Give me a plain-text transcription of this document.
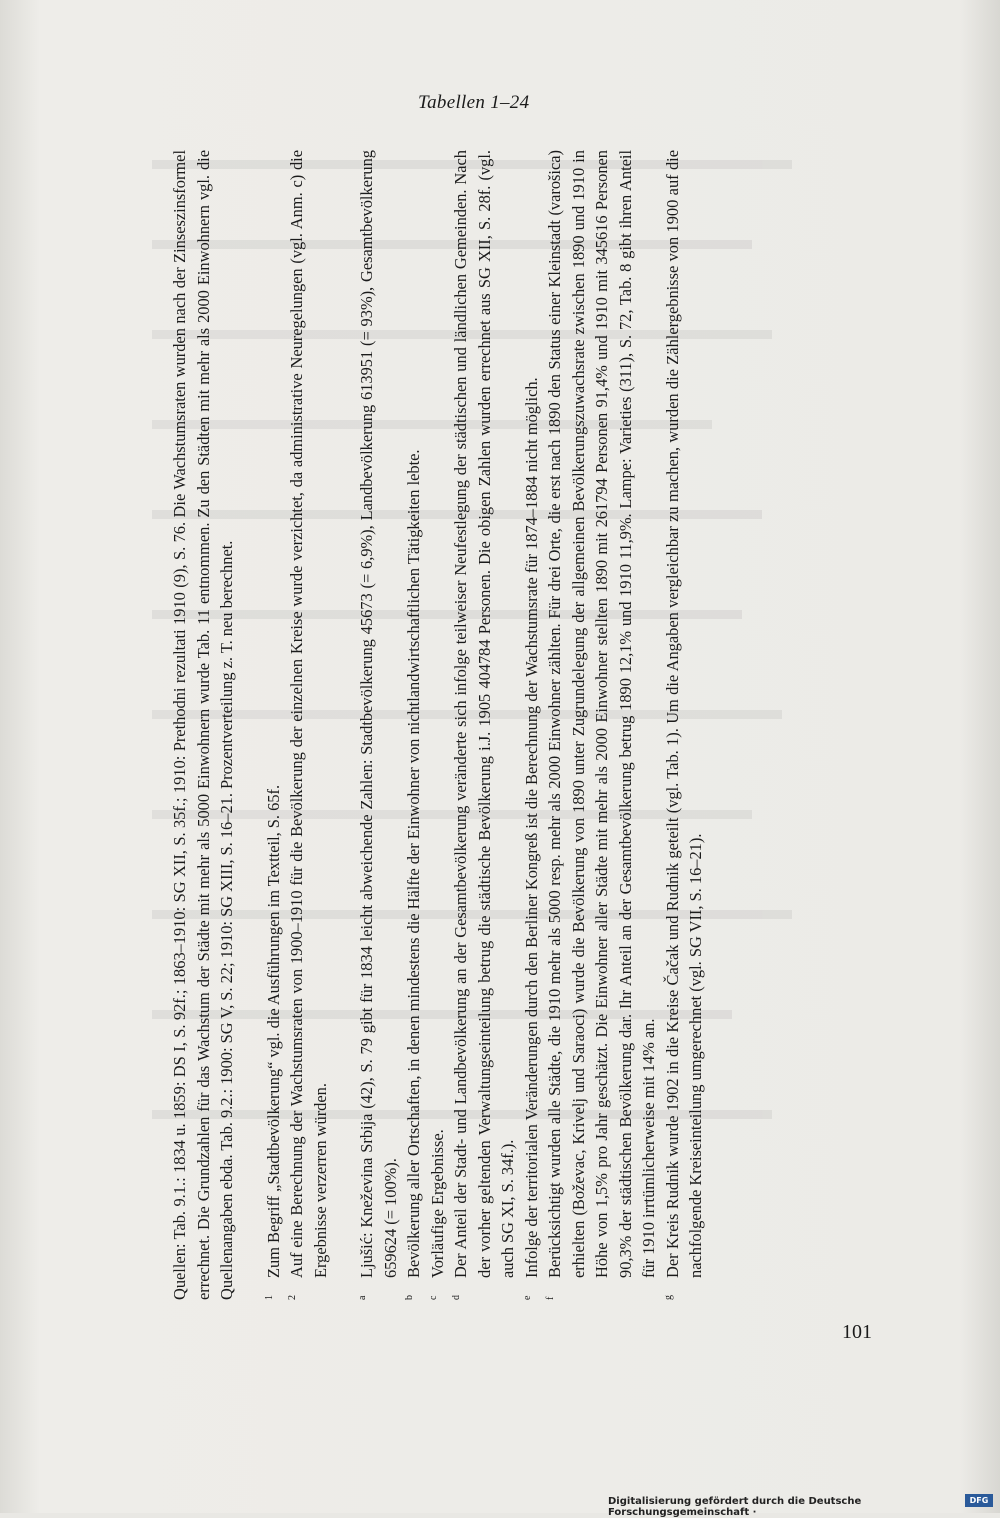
Tabellen 1–24

Quellen: Tab. 9.1.: 1834 u. 1859: DS I, S. 92f.; 1863–1910: SG XII, S. 35f.; 1910: Prethodni rezultati 1910 (9), S. 76. Die Wachstumsraten wurden nach der Zinseszinsformel errechnet. Die Grundzahlen für das Wachstum der Städte mit mehr als 5000 Einwohnern wurde Tab. 11 entnommen. Zu den Städten mit mehr als 2000 Einwohnern vgl. die Quellenangaben ebda. Tab. 9.2.: 1900: SG V, S. 22; 1910: SG XIII, S. 16–21. Prozentverteilung z. T. neu berechnet.	1
Zum Begriff „Stadtbevölkerung“ vgl. die Ausführungen im Textteil, S. 65f.
2
Auf eine Berechnung der Wachstumsraten von 1900–1910 für die Bevölkerung der einzelnen Kreise wurde verzichtet, da administrative Neuregelungen (vgl. Anm. c) die Ergebnisse verzerren würden.
a
Ljušić: Kneževina Srbija (42), S. 79 gibt für 1834 leicht abweichende Zahlen: Stadtbevölkerung 45673 (= 6,9%), Landbevölkerung 613951 (= 93%), Gesamtbevölkerung 659624 (= 100%).
b
Bevölkerung aller Ortschaften, in denen mindestens die Hälfte der Einwohner von nichtlandwirtschaftlichen Tätigkeiten lebte.
c
Vorläufige Ergebnisse.
d
Der Anteil der Stadt- und Landbevölkerung an der Gesamtbevölkerung veränderte sich infolge teilweiser Neufestlegung der städtischen und ländlichen Gemeinden. Nach der vorher geltenden Verwaltungseinteilung betrug die städtische Bevölkerung i.J. 1905 404784 Personen. Die obigen Zahlen wurden errechnet aus SG XII, S. 28f. (vgl. auch SG XI, S. 34f.).
e
Infolge der territorialen Veränderungen durch den Berliner Kongreß ist die Berechnung der Wachstumsrate für 1874–1884 nicht möglich.
f
Berücksichtigt wurden alle Städte, die 1910 mehr als 5000 resp. mehr als 2000 Einwohner zählten. Für drei Orte, die erst nach 1890 den Status einer Kleinstadt (varošica) erhielten (Boževac, Krivelj und Saraoci) wurde die Bevölkerung von 1890 unter Zugrundelegung der allgemeinen Bevölkerungszuwachsrate zwischen 1890 und 1910 in Höhe von 1,5% pro Jahr geschätzt. Die Einwohner aller Städte mit mehr als 2000 Einwohner stellten 1890 mit 261794 Personen 91,4% und 1910 mit 345616 Personen 90,3% der städtischen Bevölkerung dar. Ihr Anteil an der Gesamtbevölkerung betrug 1890 12,1% und 1910 11,9%. Lampe: Varieties (311), S. 72, Tab. 8 gibt ihren Anteil für 1910 irrtümlicherweise mit 14% an.
g
Der Kreis Rudnik wurde 1902 in die Kreise Čačak und Rudnik geteilt (vgl. Tab. 1). Um die Angaben vergleichbar zu machen, wurden die Zählergebnisse von 1900 auf die nachfolgende Kreiseinteilung umgerechnet (vgl. SG VII, S. 16–21).
101
Digitalisierung gefördert durch die Deutsche Forschungsgemeinschaft ·
DFG
